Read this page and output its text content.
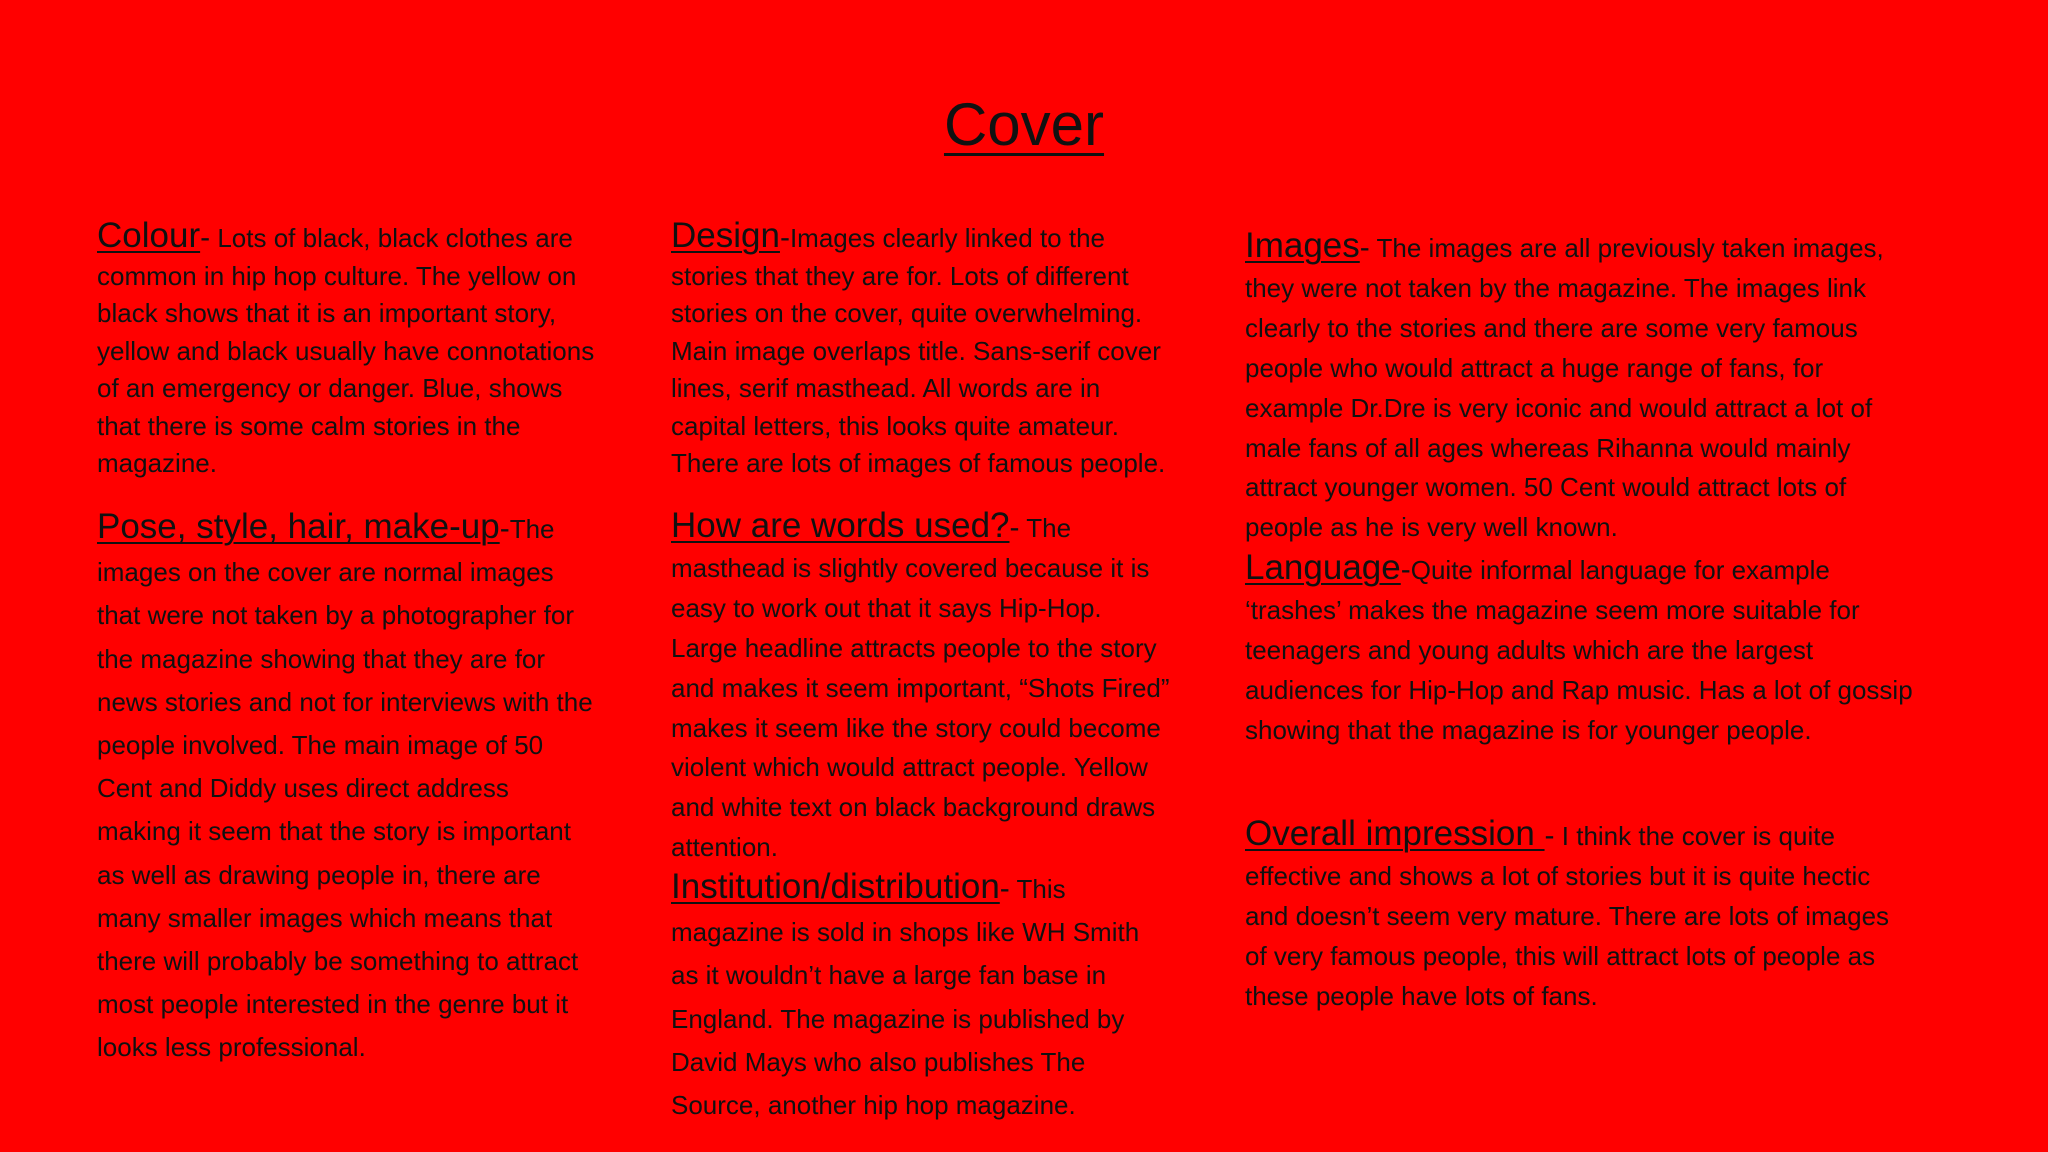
Cover

Colour- Lots of black, black clothes are common in hip hop culture. The yellow on black shows that it is an important story, yellow and black usually have connotations of an emergency or danger. Blue, shows that there is some calm stories in the magazine.

Pose, style, hair, make-up-The images on the cover are normal images that were not taken by a photographer for the magazine showing that they are for news stories and not for interviews with the people involved. The main image of 50 Cent and Diddy uses direct address making it seem that the story is important as well as drawing people in, there are many smaller images which means that there will probably be something to attract most people interested in the genre but it looks less professional.

Design-Images clearly linked to the stories that they are for. Lots of different stories on the cover, quite overwhelming. Main image overlaps title. Sans-serif cover lines, serif masthead. All words are in capital letters, this looks quite amateur. There are lots of images of famous people.

How are words used?- The masthead is slightly covered because it is easy to work out that it says Hip-Hop. Large headline attracts people to the story and makes it seem important, “Shots Fired” makes it seem like the story could become violent which would attract people. Yellow and white text on black background draws attention.

Institution/distribution- This magazine is sold in shops like WH Smith as it wouldn’t have a large fan base in England. The magazine is published by David Mays who also publishes The Source, another hip hop magazine.

Images- The images are all previously taken images, they were not taken by the magazine. The images link clearly to the stories and there are some very famous people who would attract a huge range of fans, for example Dr.Dre is very iconic and would attract a lot of male fans of all ages whereas Rihanna would mainly attract younger women. 50 Cent would attract lots of people as he is very well known.

Language-Quite informal language for example ‘trashes’ makes the magazine seem more suitable for teenagers and young adults which are the largest audiences for Hip-Hop and Rap music. Has a lot of gossip showing that the magazine is for younger people.

Overall impression - I think the cover is quite effective and shows a lot of stories but it is quite hectic and doesn’t seem very mature. There are lots of images of very famous people, this will attract lots of people as these people have lots of fans.
